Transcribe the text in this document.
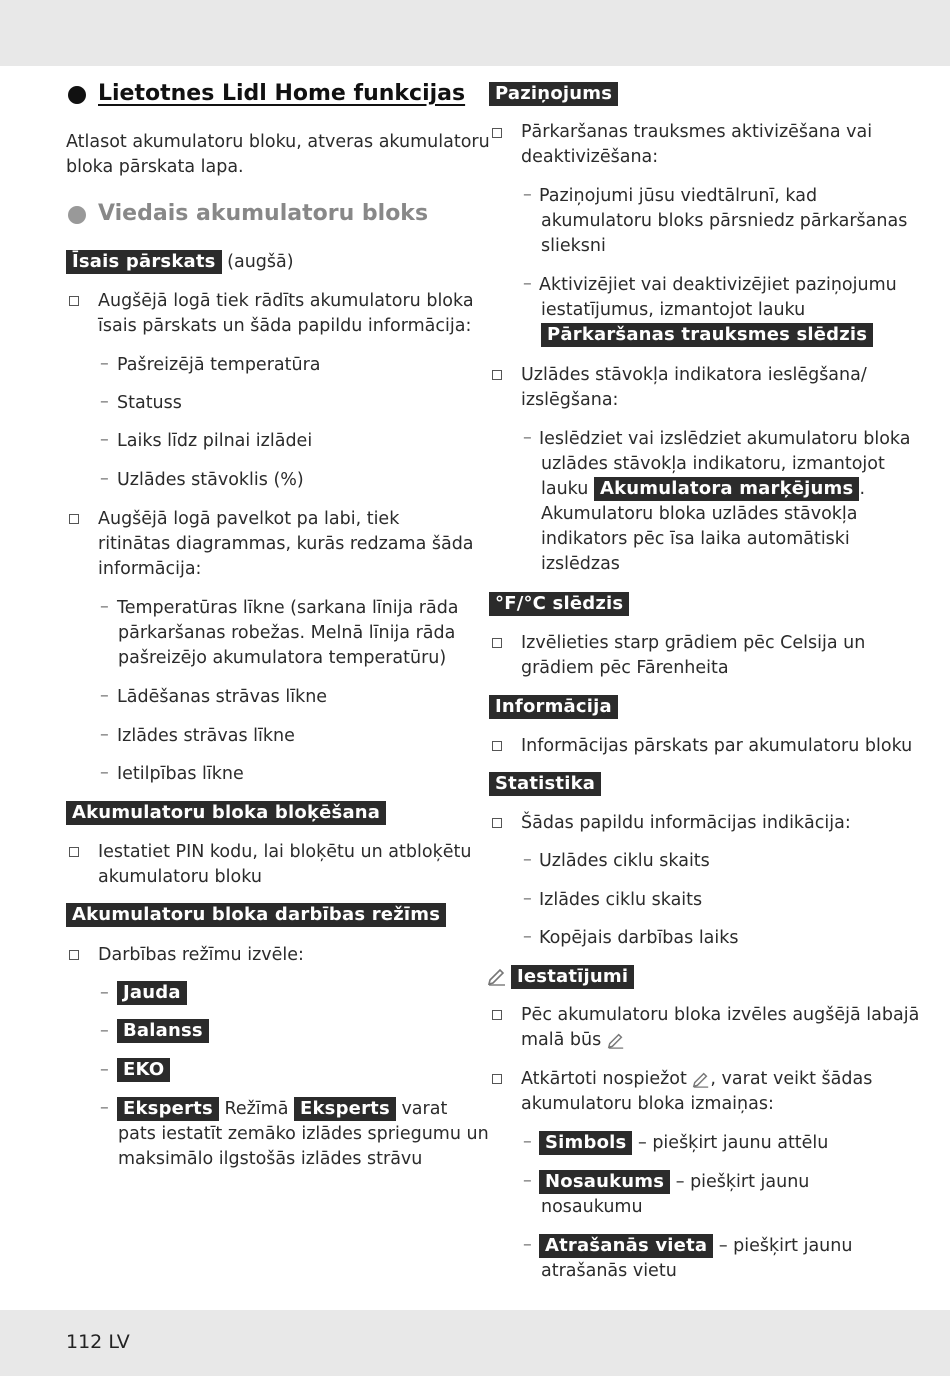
Lietotnes Lidl Home funkcijas
Atlasot akumulatoru bloku, atveras akumulatoru
bloka pārskata lapa.
Viedais akumulatoru bloks
Īsais pārskats (augšā)
Augšējā logā tiek rādīts akumulatoru bloka
īsais pārskats un šāda papildu informācija:
– Pašreizējā temperatūra
– Statuss
– Laiks līdz pilnai izlādei
– Uzlādes stāvoklis (%)
Augšējā logā pavelkot pa labi, tiek
ritinātas diagrammas, kurās redzama šāda
informācija:
– Temperatūras līkne (sarkana līnija rāda
pārkaršanas robežas. Melnā līnija rāda
pašreizējo akumulatora temperatūru)
– Lādēšanas strāvas līkne
– Izlādes strāvas līkne
– Ietilpības līkne
Akumulatoru bloka bloķēšana
Iestatiet PIN kodu, lai bloķētu un atbloķētu
akumulatoru bloku
Akumulatoru bloka darbības režīms
Darbības režīmu izvēle:
– Jauda
– Balanss
– EKO
– Eksperts Režīmā Eksperts varat
pats iestatīt zemāko izlādes spriegumu un
maksimālo ilgstošās izlādes strāvu
Paziņojums
Pārkaršanas trauksmes aktivizēšana vai
deaktivizēšana:
– Paziņojumi jūsu viedtālrunī, kad
akumulatoru bloks pārsniedz pārkaršanas
slieksni
– Aktivizējiet vai deaktivizējiet paziņojumu
iestatījumus, izmantojot lauku
Pārkaršanas trauksmes slēdzis
Uzlādes stāvokļa indikatora ieslēgšana/
izslēgšana:
– Ieslēdziet vai izslēdziet akumulatoru bloka
uzlādes stāvokļa indikatoru, izmantojot
lauku Akumulatora marķējums .
Akumulatoru bloka uzlādes stāvokļa
indikators pēc īsa laika automātiski
izslēdzas
°F/°C slēdzis
Izvēlieties starp grādiem pēc Celsija un
grādiem pēc Fārenheita
Informācija
Informācijas pārskats par akumulatoru bloku
Statistika
Šādas papildu informācijas indikācija:
– Uzlādes ciklu skaits
– Izlādes ciklu skaits
– Kopējais darbības laiks
Iestatījumi
Pēc akumulatoru bloka izvēles augšējā labajā
malā būs
Atkārtoti nospiežot , varat veikt šādas
akumulatoru bloka izmaiņas:
– Simbols – piešķirt jaunu attēlu
– Nosaukums – piešķirt jaunu
nosaukumu
– Atrašanās vieta – piešķirt jaunu
atrašanās vietu
112 LV
